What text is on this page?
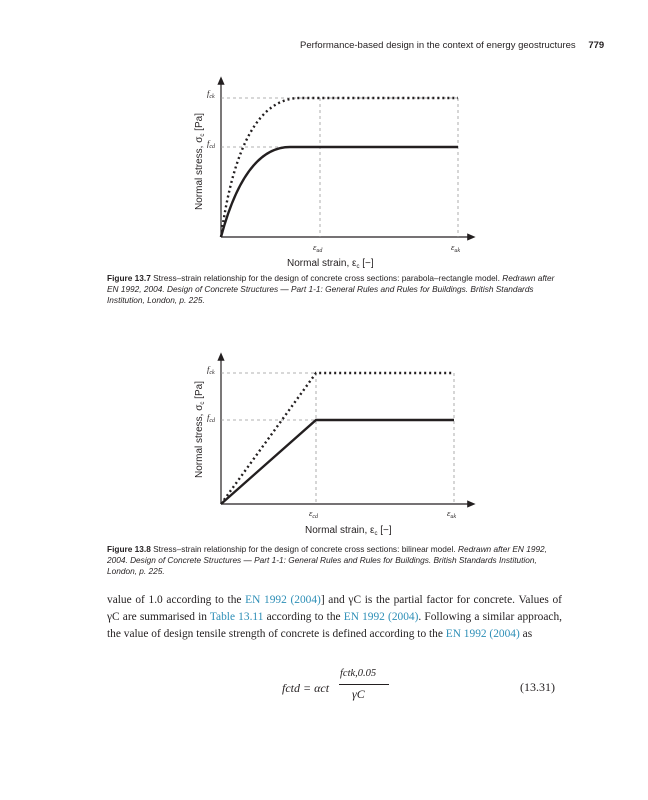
Performance-based design in the context of energy geostructures 779
$f_{ck}$
$f_{cd}$
$\varepsilon_{ud}$	$\varepsilon_{uk}$
Normal strain, $\varepsilon_c$ [−]
Normal stress, $\sigma_c$ [Pa]
$f_{ck}$
$f_{cd}$
$\varepsilon_{cd}$	$\varepsilon_{uk}$
Normal strain, $\varepsilon_c$ [−]
Normal stress, $\sigma_c$ [Pa]
Figure 13.7 Stress–strain relationship for the design of concrete cross sections: parabola–rectangle model. Redrawn after EN 1992, 2004. Design of Concrete Structures — Part 1-1: General Rules and Rules for Buildings. British Standards Institution, London, p. 225.
Figure 13.8 Stress–strain relationship for the design of concrete cross sections: bilinear model. Redrawn after EN 1992, 2004. Design of Concrete Structures — Part 1-1: General Rules and Rules for Buildings. British Standards Institution, London, p. 225.
value of 1.0 according to the EN 1992 (2004)] and γC is the partial factor for concrete. Values of γC are summarised in Table 13.11 according to the EN 1992 (2004). Following a similar approach, the value of design tensile strength of concrete is defined according to the EN 1992 (2004) as
fctd = αct
fctk,0.05
γC	(13.31)
